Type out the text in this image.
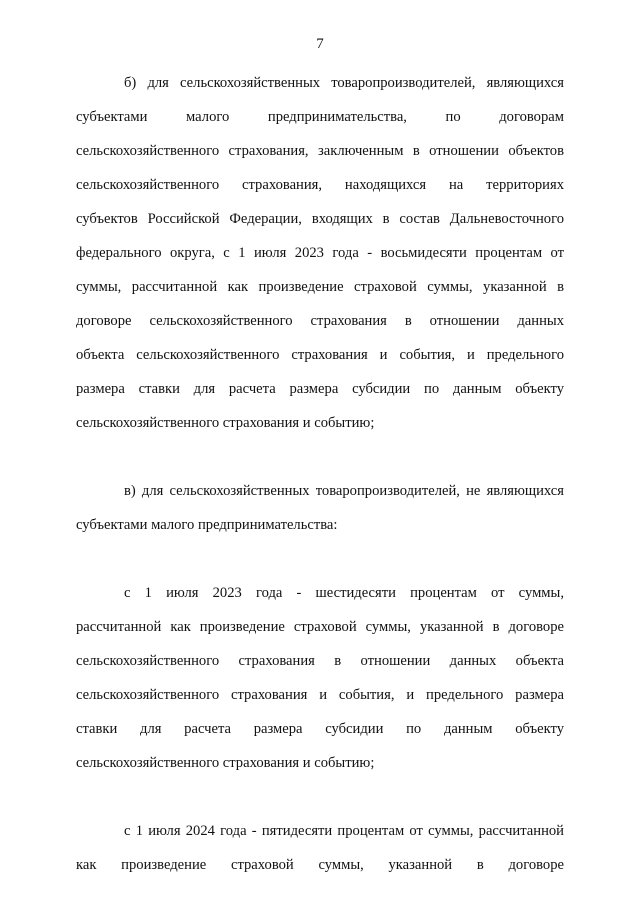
7
б) для сельскохозяйственных товаропроизводителей, являющихся
субъектами малого предпринимательства, по договорам
сельскохозяйственного страхования, заключенным в отношении объектов
сельскохозяйственного страхования, находящихся на территориях
субъектов Российской Федерации, входящих в состав Дальневосточного
федерального округа, с 1 июля 2023 года - восьмидесяти процентам от
суммы, рассчитанной как произведение страховой суммы, указанной в
договоре сельскохозяйственного страхования в отношении данных
объекта сельскохозяйственного страхования и события, и предельного
размера ставки для расчета размера субсидии по данным объекту
сельскохозяйственного страхования и событию;
в) для сельскохозяйственных товаропроизводителей, не являющихся
субъектами малого предпринимательства:
с 1 июля 2023 года - шестидесяти процентам от суммы,
рассчитанной как произведение страховой суммы, указанной в договоре
сельскохозяйственного страхования в отношении данных объекта
сельскохозяйственного страхования и события, и предельного размера
ставки для расчета размера субсидии по данным объекту
сельскохозяйственного страхования и событию;
с 1 июля 2024 года - пятидесяти процентам от суммы, рассчитанной
как произведение страховой суммы, указанной в договоре
